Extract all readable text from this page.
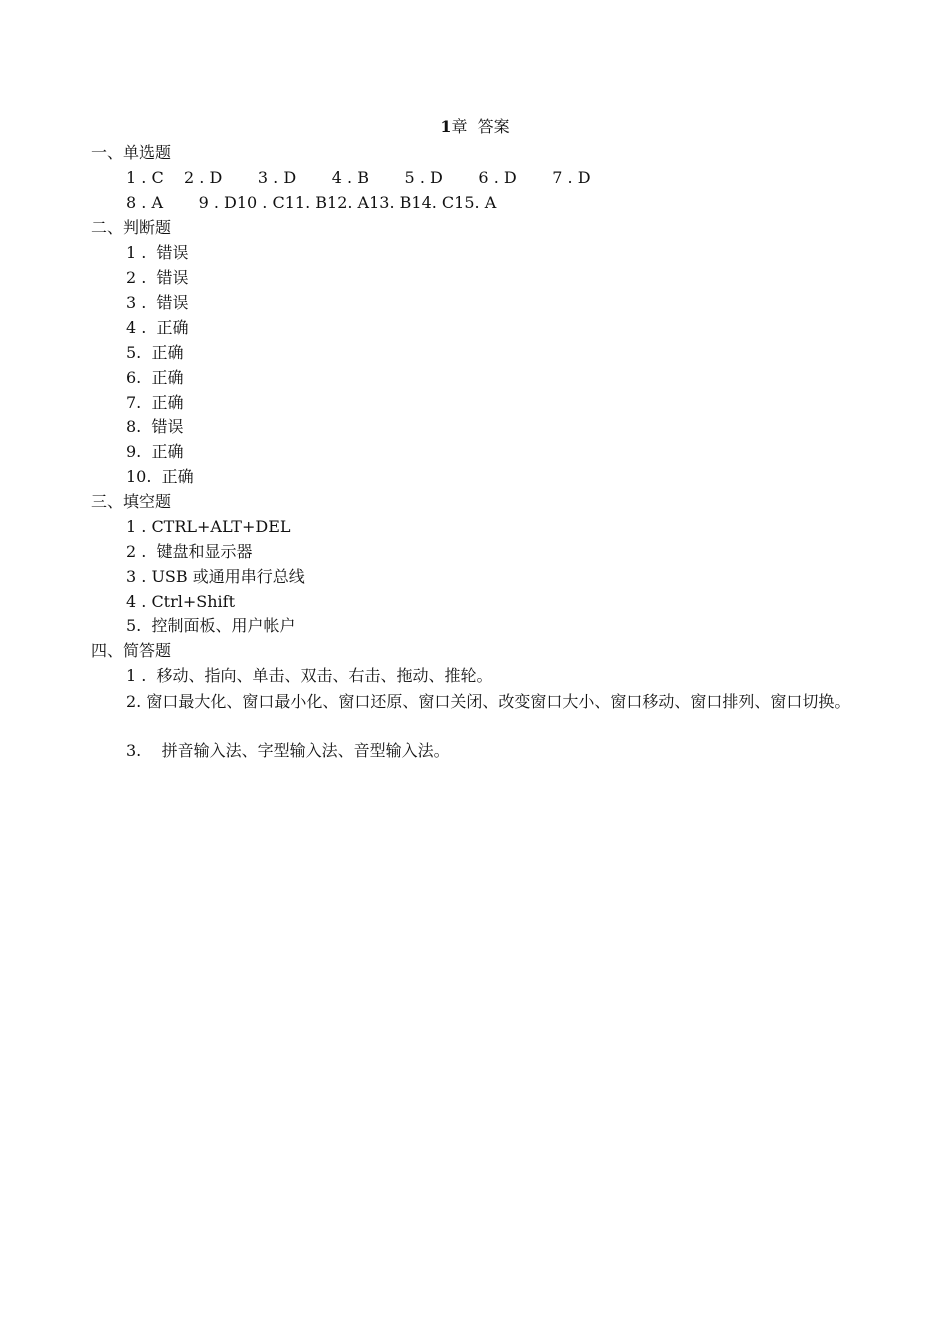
1章  答案
一、单选题
1 . C    2 . D       3 . D       4 . B       5 . D       6 . D       7 . D
8 . A       9 . D10 . C11. B12. A13. B14. C15. A
二、判断题
1 .  错误
2 .  错误
3 .  错误
4 .  正确
5.  正确
6.  正确
7.  正确
8.  错误
9.  正确
10.  正确
三、填空题
1 . CTRL+ALT+DEL
2 .  键盘和显示器
3 . USB 或通用串行总线
4 . Ctrl+Shift
5.  控制面板、用户帐户
四、简答题
1 .  移动、指向、单击、双击、右击、拖动、推轮。
2. 窗口最大化、窗口最小化、窗口还原、窗口关闭、改变窗口大小、窗口移动、窗口排列、窗口切换。
3.    拼音输入法、字型输入法、音型输入法。
